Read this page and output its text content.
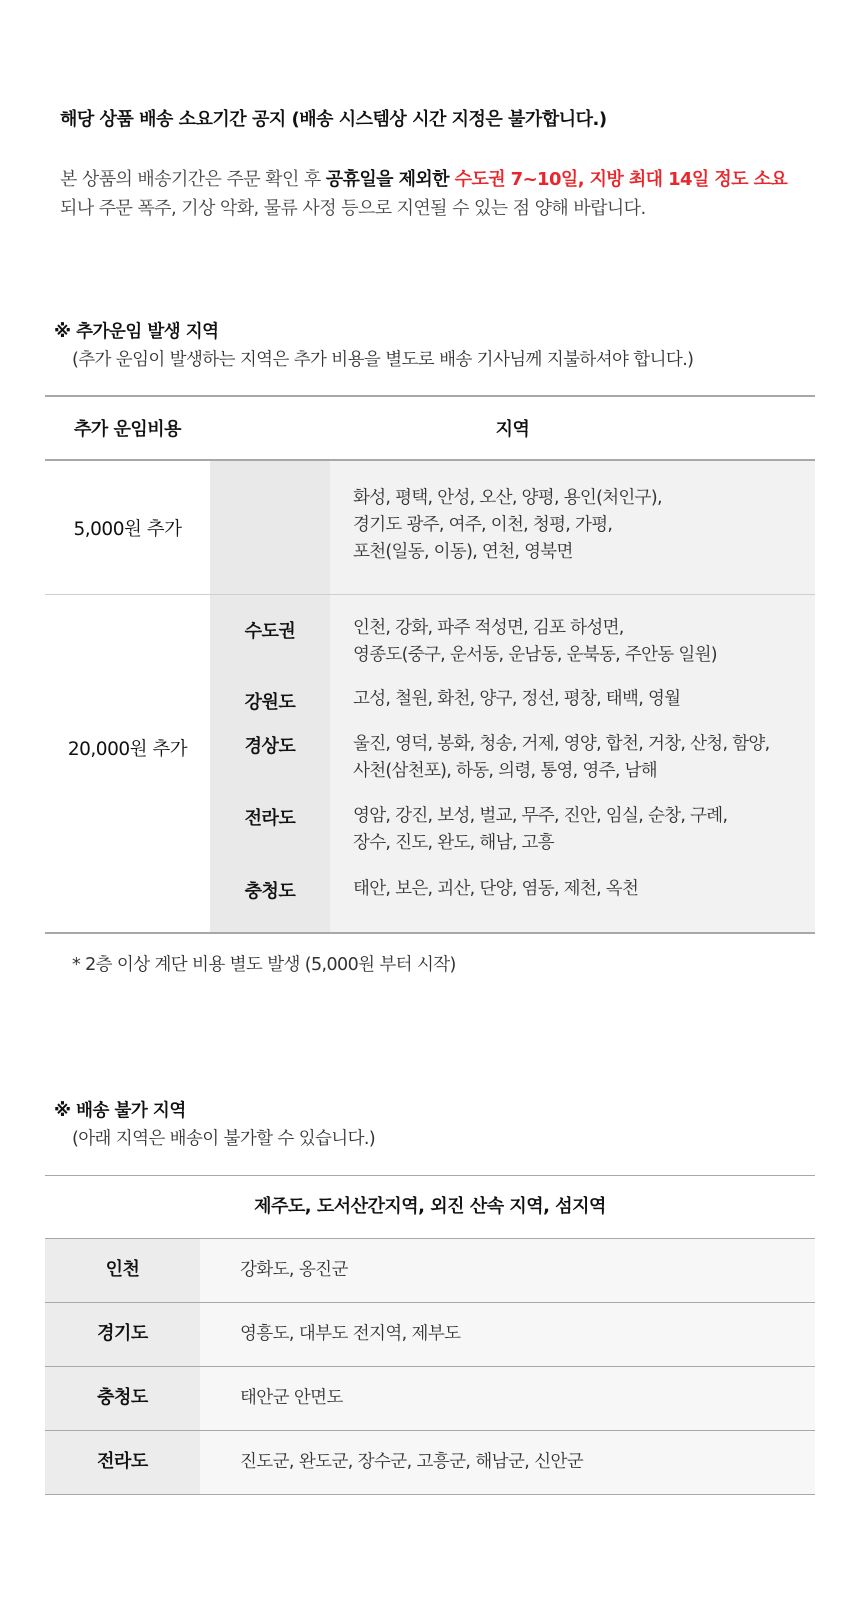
해당 상품 배송 소요기간 공지 (배송 시스템상 시간 지정은 불가합니다.)
본 상품의 배송기간은 주문 확인 후 공휴일을 제외한 수도권 7~10일, 지방 최대 14일 정도 소요되나 주문 폭주, 기상 악화, 물류 사정 등으로 지연될 수 있는 점 양해 바랍니다.
※ 추가운임 발생 지역
(추가 운임이 발생하는 지역은 추가 비용을 별도로 배송 기사님께 지불하셔야 합니다.)
추가 운임비용	지역
5,000원 추가
화성, 평택, 안성, 오산, 양평, 용인(처인구),
경기도 광주, 여주, 이천, 청평, 가평,
포천(일동, 이동), 연천, 영북면
20,000원 추가
수도권	인천, 강화, 파주 적성면, 김포 하성면,
영종도(중구, 운서동, 운남동, 운북동, 주안동 일원)
강원도	고성, 철원, 화천, 양구, 정선, 평창, 태백, 영월
경상도	울진, 영덕, 봉화, 청송, 거제, 영양, 합천, 거창, 산청, 함양,
사천(삼천포), 하동, 의령, 통영, 영주, 남해
전라도	영암, 강진, 보성, 벌교, 무주, 진안, 임실, 순창, 구례,
장수, 진도, 완도, 해남, 고흥
충청도	태안, 보은, 괴산, 단양, 염동, 제천, 옥천
* 2층 이상 계단 비용 별도 발생 (5,000원 부터 시작)
※ 배송 불가 지역
(아래 지역은 배송이 불가할 수 있습니다.)
제주도, 도서산간지역, 외진 산속 지역, 섬지역
인천	강화도, 옹진군
경기도	영흥도, 대부도 전지역, 제부도
충청도	태안군 안면도
전라도	진도군, 완도군, 장수군, 고흥군, 해남군, 신안군
